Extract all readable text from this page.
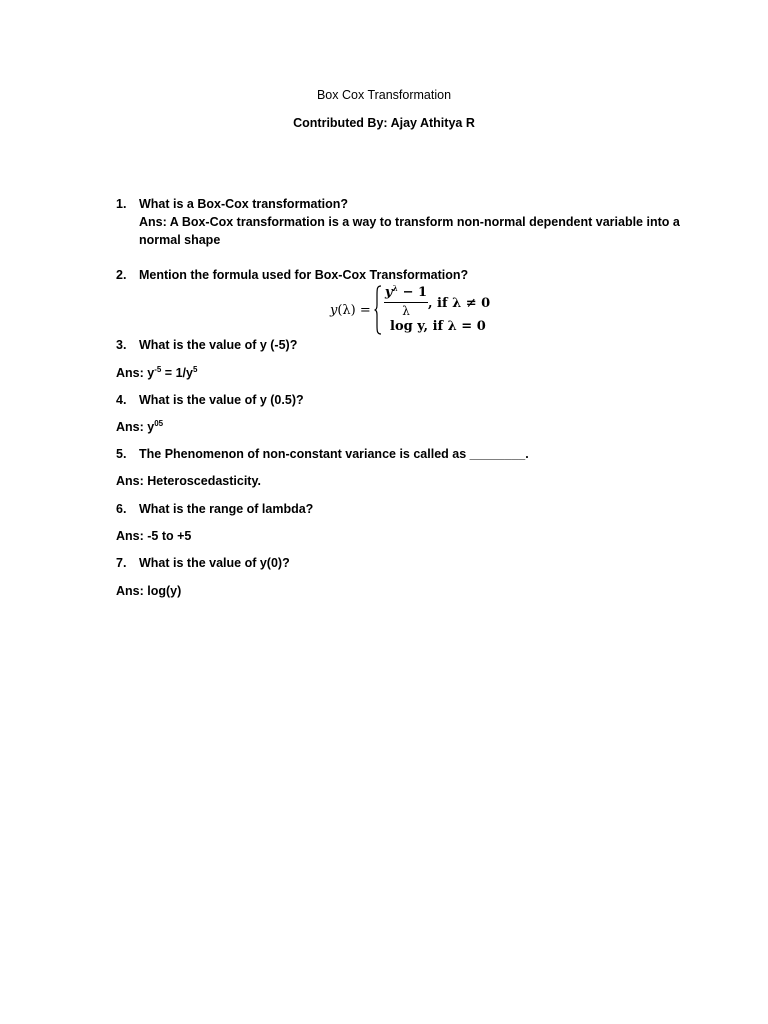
Box Cox Transformation
Contributed By: Ajay Athitya R
1. What is a Box-Cox transformation?
Ans: A Box-Cox transformation is a way to transform non-normal dependent variable into a
normal shape
2. Mention the formula used for Box-Cox Transformation?
y(λ) =
$y^\lambda - 1$
λ	, if λ ≠ 0
log y, if λ = 0
3. What is the value of y (-5)?
Ans: $y^{-5} = 1/y^5$
4. What is the value of y (0.5)?
Ans: $y^{05}$
5. The Phenomenon of non-constant variance is called as ________.
Ans: Heteroscedasticity.
6. What is the range of lambda?
Ans: -5 to +5
7. What is the value of y(0)?
Ans: log(y)
